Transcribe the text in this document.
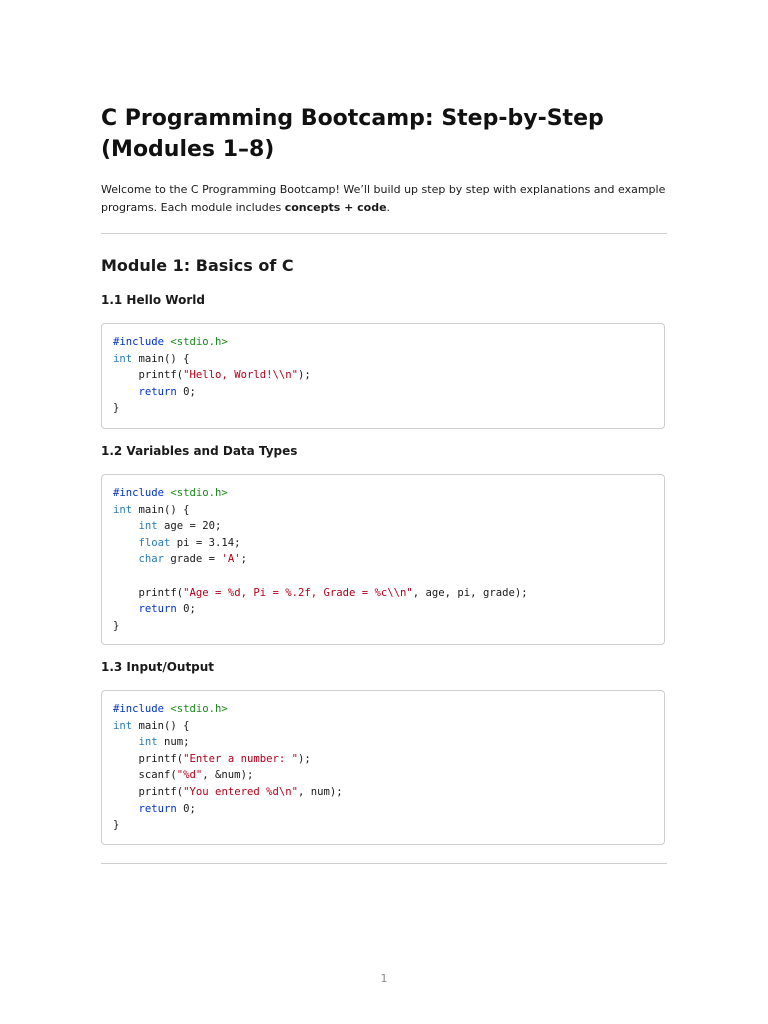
C Programming Bootcamp: Step-by-Step (Modules 1–8)

Welcome to the C Programming Bootcamp! We’ll build up step by step with explanations and example programs. Each module includes concepts + code.

Module 1: Basics of C
1.1 Hello World
#include <stdio.h>
int main() {
printf("Hello, World!\\n");
return 0;
}
1.2 Variables and Data Types
#include <stdio.h>
int main() {
int age = 20;
float pi = 3.14;
char grade = 'A';
printf("Age = %d, Pi = %.2f, Grade = %c\\n", age, pi, grade);
return 0;
}
1.3 Input/Output
#include <stdio.h>
int main() {
int num;
printf("Enter a number: ");
scanf("%d", &num);
printf("You entered %d\n", num);
return 0;
}
1
